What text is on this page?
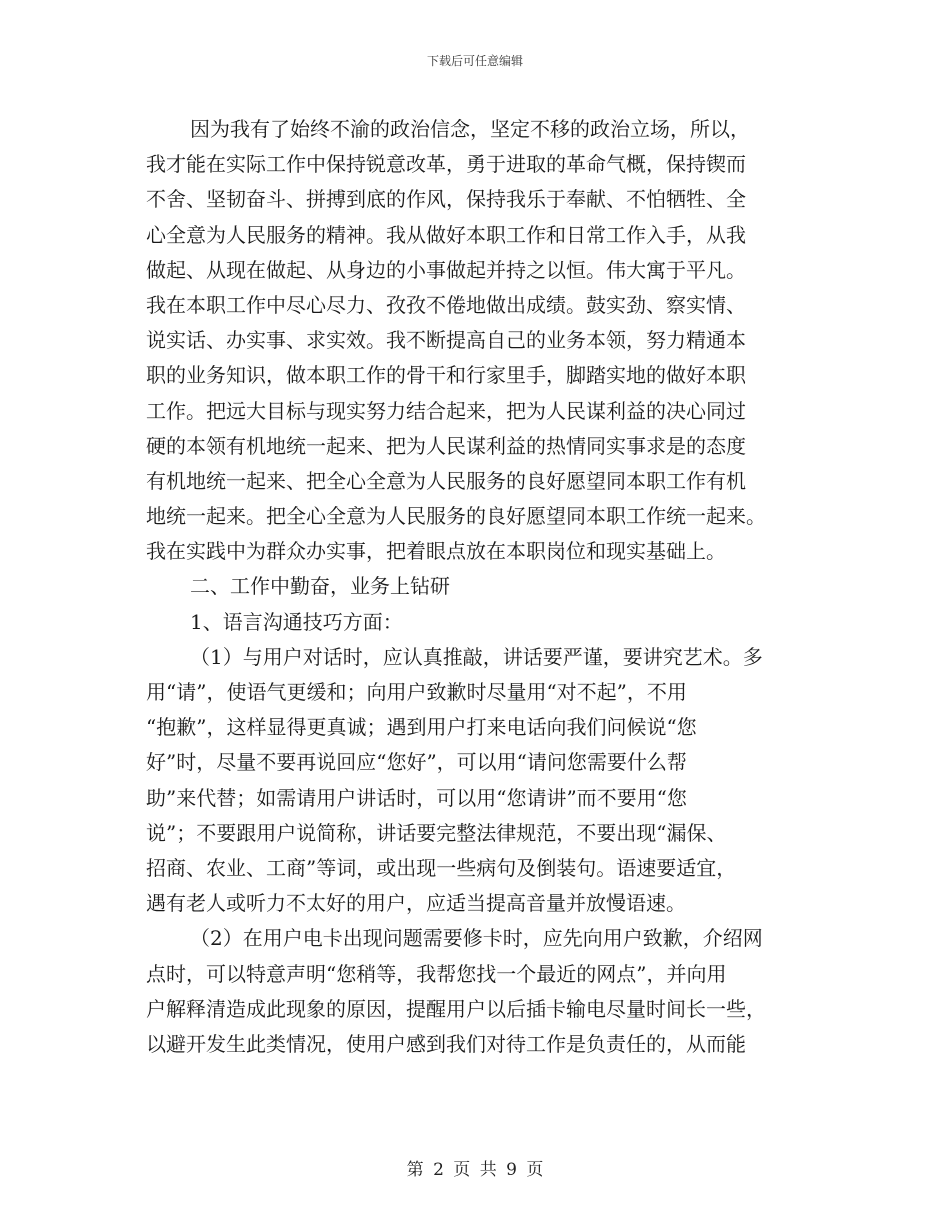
下载后可任意编辑
因为我有了始终不渝的政治信念，坚定不移的政治立场，所以，
我才能在实际工作中保持锐意改革，勇于进取的革命气概，保持锲而
不舍、坚韧奋斗、拼搏到底的作风，保持我乐于奉献、不怕牺牲、全
心全意为人民服务的精神。我从做好本职工作和日常工作入手，从我
做起、从现在做起、从身边的小事做起并持之以恒。伟大寓于平凡。
我在本职工作中尽心尽力、孜孜不倦地做出成绩。鼓实劲、察实情、
说实话、办实事、求实效。我不断提高自己的业务本领，努力精通本
职的业务知识，做本职工作的骨干和行家里手，脚踏实地的做好本职
工作。把远大目标与现实努力结合起来，把为人民谋利益的决心同过
硬的本领有机地统一起来、把为人民谋利益的热情同实事求是的态度
有机地统一起来、把全心全意为人民服务的良好愿望同本职工作有机
地统一起来。把全心全意为人民服务的良好愿望同本职工作统一起来。
我在实践中为群众办实事，把着眼点放在本职岗位和现实基础上。
二、工作中勤奋，业务上钻研
1、语言沟通技巧方面：
（1）与用户对话时，应认真推敲，讲话要严谨，要讲究艺术。多
用“请”，使语气更缓和；向用户致歉时尽量用“对不起”，不用
“抱歉”，这样显得更真诚；遇到用户打来电话向我们问候说“您
好”时，尽量不要再说回应“您好”，可以用“请问您需要什么帮
助”来代替；如需请用户讲话时，可以用“您请讲”而不要用“您
说”；不要跟用户说简称，讲话要完整法律规范，不要出现“漏保、
招商、农业、工商”等词，或出现一些病句及倒装句。语速要适宜，
遇有老人或听力不太好的用户，应适当提高音量并放慢语速。
（2）在用户电卡出现问题需要修卡时，应先向用户致歉，介绍网
点时，可以特意声明“您稍等，我帮您找一个最近的网点”，并向用
户解释清造成此现象的原因，提醒用户以后插卡输电尽量时间长一些，
以避开发生此类情况，使用户感到我们对待工作是负责任的，从而能
第 2 页 共 9 页
